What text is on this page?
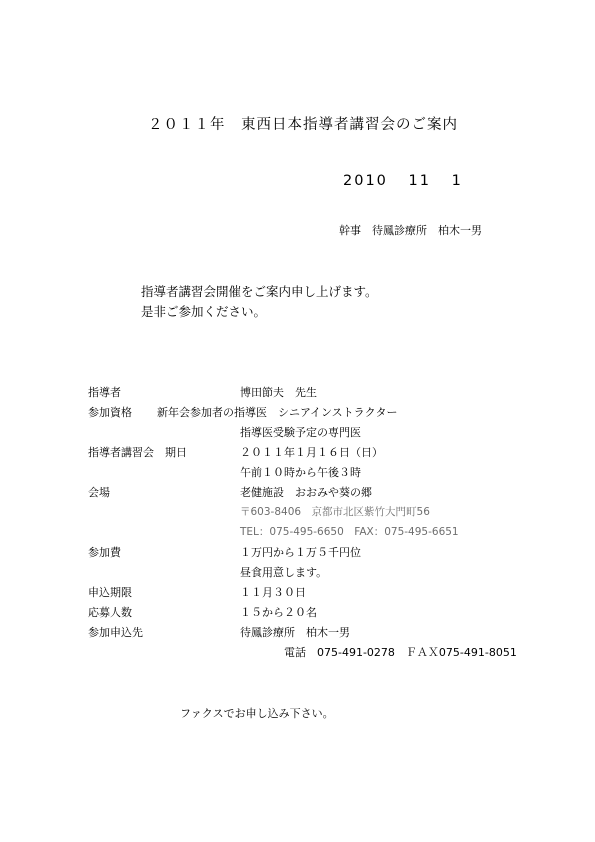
２０１１年　東西日本指導者講習会のご案内
2010 11 1
幹事　待鳳診療所　柏木一男
指導者講習会開催をご案内申し上げます。
是非ご参加ください。
指導者	博田節夫　先生
参加資格 新年会参加者の指導医　シニアインストラクター
指導医受験予定の専門医
指導者講習会　期日	２０１１年１月１６日（日）
午前１０時から午後３時
会場	老健施設　おおみや葵の郷
〒603-8406　京都市北区紫竹大門町56
TEL：075-495-6650　FAX：075-495-6651
参加費	１万円から１万５千円位
昼食用意します。
申込期限	１１月３０日
応募人数	１５から２０名
参加申込先	待鳳診療所　柏木一男
電話　075-491-0278　ＦＡＸ075-491-8051
ファクスでお申し込み下さい。
